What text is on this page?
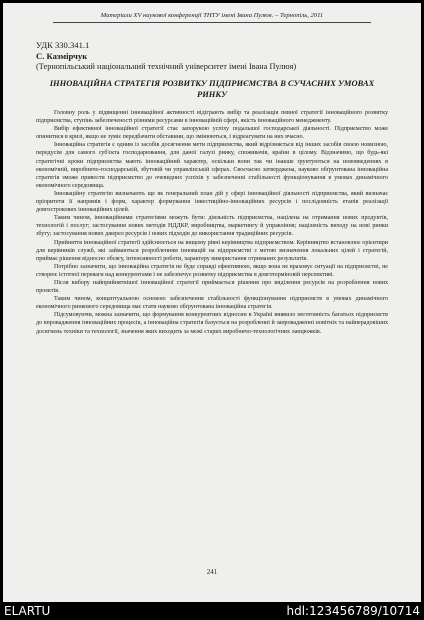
Матеріали XV наукової конференції ТНТУ імені Івана Пулюя. – Тернопіль, 2011
УДК 330.341.1
С. Казмірчук
(Тернопільський національний технічний університет імені Івана Пулюя)
ІННОВАЦІЙНА СТРАТЕГІЯ РОЗВИТКУ ПІДПРИЄМСТВА В СУЧАСНИХ УМОВАХ РИНКУ

Головну роль у підвищенні інноваційної активності відіграють вибір та реалізація певної стратегії інноваційного розвитку підприємства, ступінь забезпеченості різними ресурсами в інноваційній сфері, якість інноваційного менеджменту.

Вибір ефективної інноваційної стратегії стає запорукою успіху подальшої господарської діяльності. Підприємство може опинитися в кризі, якщо не зуміє передбачити обставини, що змінюються, і відреагувати на них вчасно.

Інноваційна стратегія є одним із засобів досягнення мети підприємства, який відрізняється від інших засобів своєю новизною, передусім для самого суб'єкта господарювання, для даної галузі ринку, споживачів, країни в цілому. Відзначимо, що будь-які стратегічні кроки підприємства мають інноваційний характер, оскільки вони так чи інакше ґрунтуються на нововведеннях в економічній, виробничо-господарській, збутовій чи управлінській сферах. Своєчасно затверджена, науково обґрунтована інноваційна стратегія зможе привести підприємство до очевидних успіхів у забезпеченні стабільності функціонування в умовах динамічного економічного середовища.

Інноваційну стратегію визначають ще як генеральний план дій у сфері інноваційної діяльності підприємства, який визначає пріоритети її напрямів і форм, характер формування інвестиційно-інноваційних ресурсів і послідовність етапів реалізації довгострокових інноваційних цілей.

Таким чином, інноваційними стратегіями можуть бути: діяльність підприємства, націлена на отримання нових продуктів, технологій і послуг; застосування нових методів НДДКР, виробництва, маркетингу й управління; націленість виходу на нові ринки збуту; застосування нових джерел ресурсів і нових підходів до використання традиційних ресурсів.

Прийняття інноваційної стратегії здійснюється на вищому рівні керівництва підприємством. Керівництво встановлює орієнтири для керівників служб, які займаються розробленням інновацій на підприємстві з метою визначення локальних цілей і стратегій, приймає рішення відносно обсягу, інтенсивності роботи, характеру використання отриманих результатів.

Потрібно зазначити, що інноваційна стратегія не буде справді ефективною, якщо вона не враховує ситуації на підприємстві, не створює істотної переваги над конкурентами і не забезпечує розвитку підприємства в довготерміновій перспективі.

Після вибору найприйнятнішої інноваційної стратегії приймається рішення про виділення ресурсів на розроблення нових проектів.

Таким чином, концептуальною основою забезпечення стабільності функціонування підприємств в умовах динамічного економічного ринкового середовища має стати науково обґрунтована інноваційна стратегія.

Підсумовуючи, можна зазначити, що формування конкурентних відносин в Україні виявило неготовність багатьох підприємств до впровадження інноваційних процесів, а інноваційна стратегія базується на розробленні й запровадженні новітніх та найперадовіших досягнень техніки та технології, значення яких виходить за межі старих виробничо-технологічних ланцюжків.

241
ELARTU	hdl:123456789/10714
